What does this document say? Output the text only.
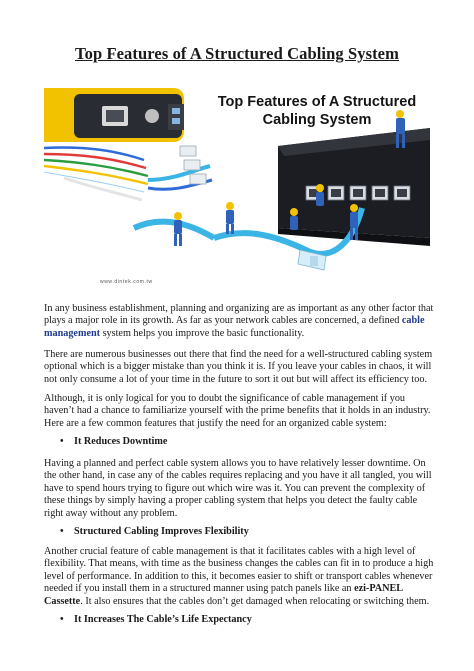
Top Features of A Structured Cabling System
Top Features of A Structured
Cabling System
www.dintek.com.tw

In any business establishment, planning and organizing are as important as any other factor that plays a major role in its growth. As far as your network cables are concerned, a defined cable management system helps you improve the basic functionality.

There are numerous businesses out there that find the need for a well-structured cabling system optional which is a bigger mistake than you think it is. If you leave your cables in chaos, it will not only consume a lot of your time in the future to sort it out but will affect its efficiency too.

Although, it is only logical for you to doubt the significance of cable management if you haven’t had a chance to familiarize yourself with the prime benefits that it holds in an industry. Here are a few common features that justify the need for an organized cable system:

• It Reduces Downtime

Having a planned and perfect cable system allows you to have relatively lesser downtime. On the other hand, in case any of the cables requires replacing and you have it all tangled, you will have to spend hours trying to figure out which wire was it. You can prevent the complexity of these things by simply having a proper cabling system that helps you detect the faulty cable right away without any problem.

• Structured Cabling Improves Flexibility

Another crucial feature of cable management is that it facilitates cables with a high level of flexibility. That means, with time as the business changes the cables can fit in to produce a high level of performance. In addition to this, it becomes easier to shift or transport cables whenever needed if you install them in a structured manner using patch panels like an ezi-PANEL Cassette. It also ensures that the cables don’t get damaged when relocating or switching them.

• It Increases The Cable’s Life Expectancy
